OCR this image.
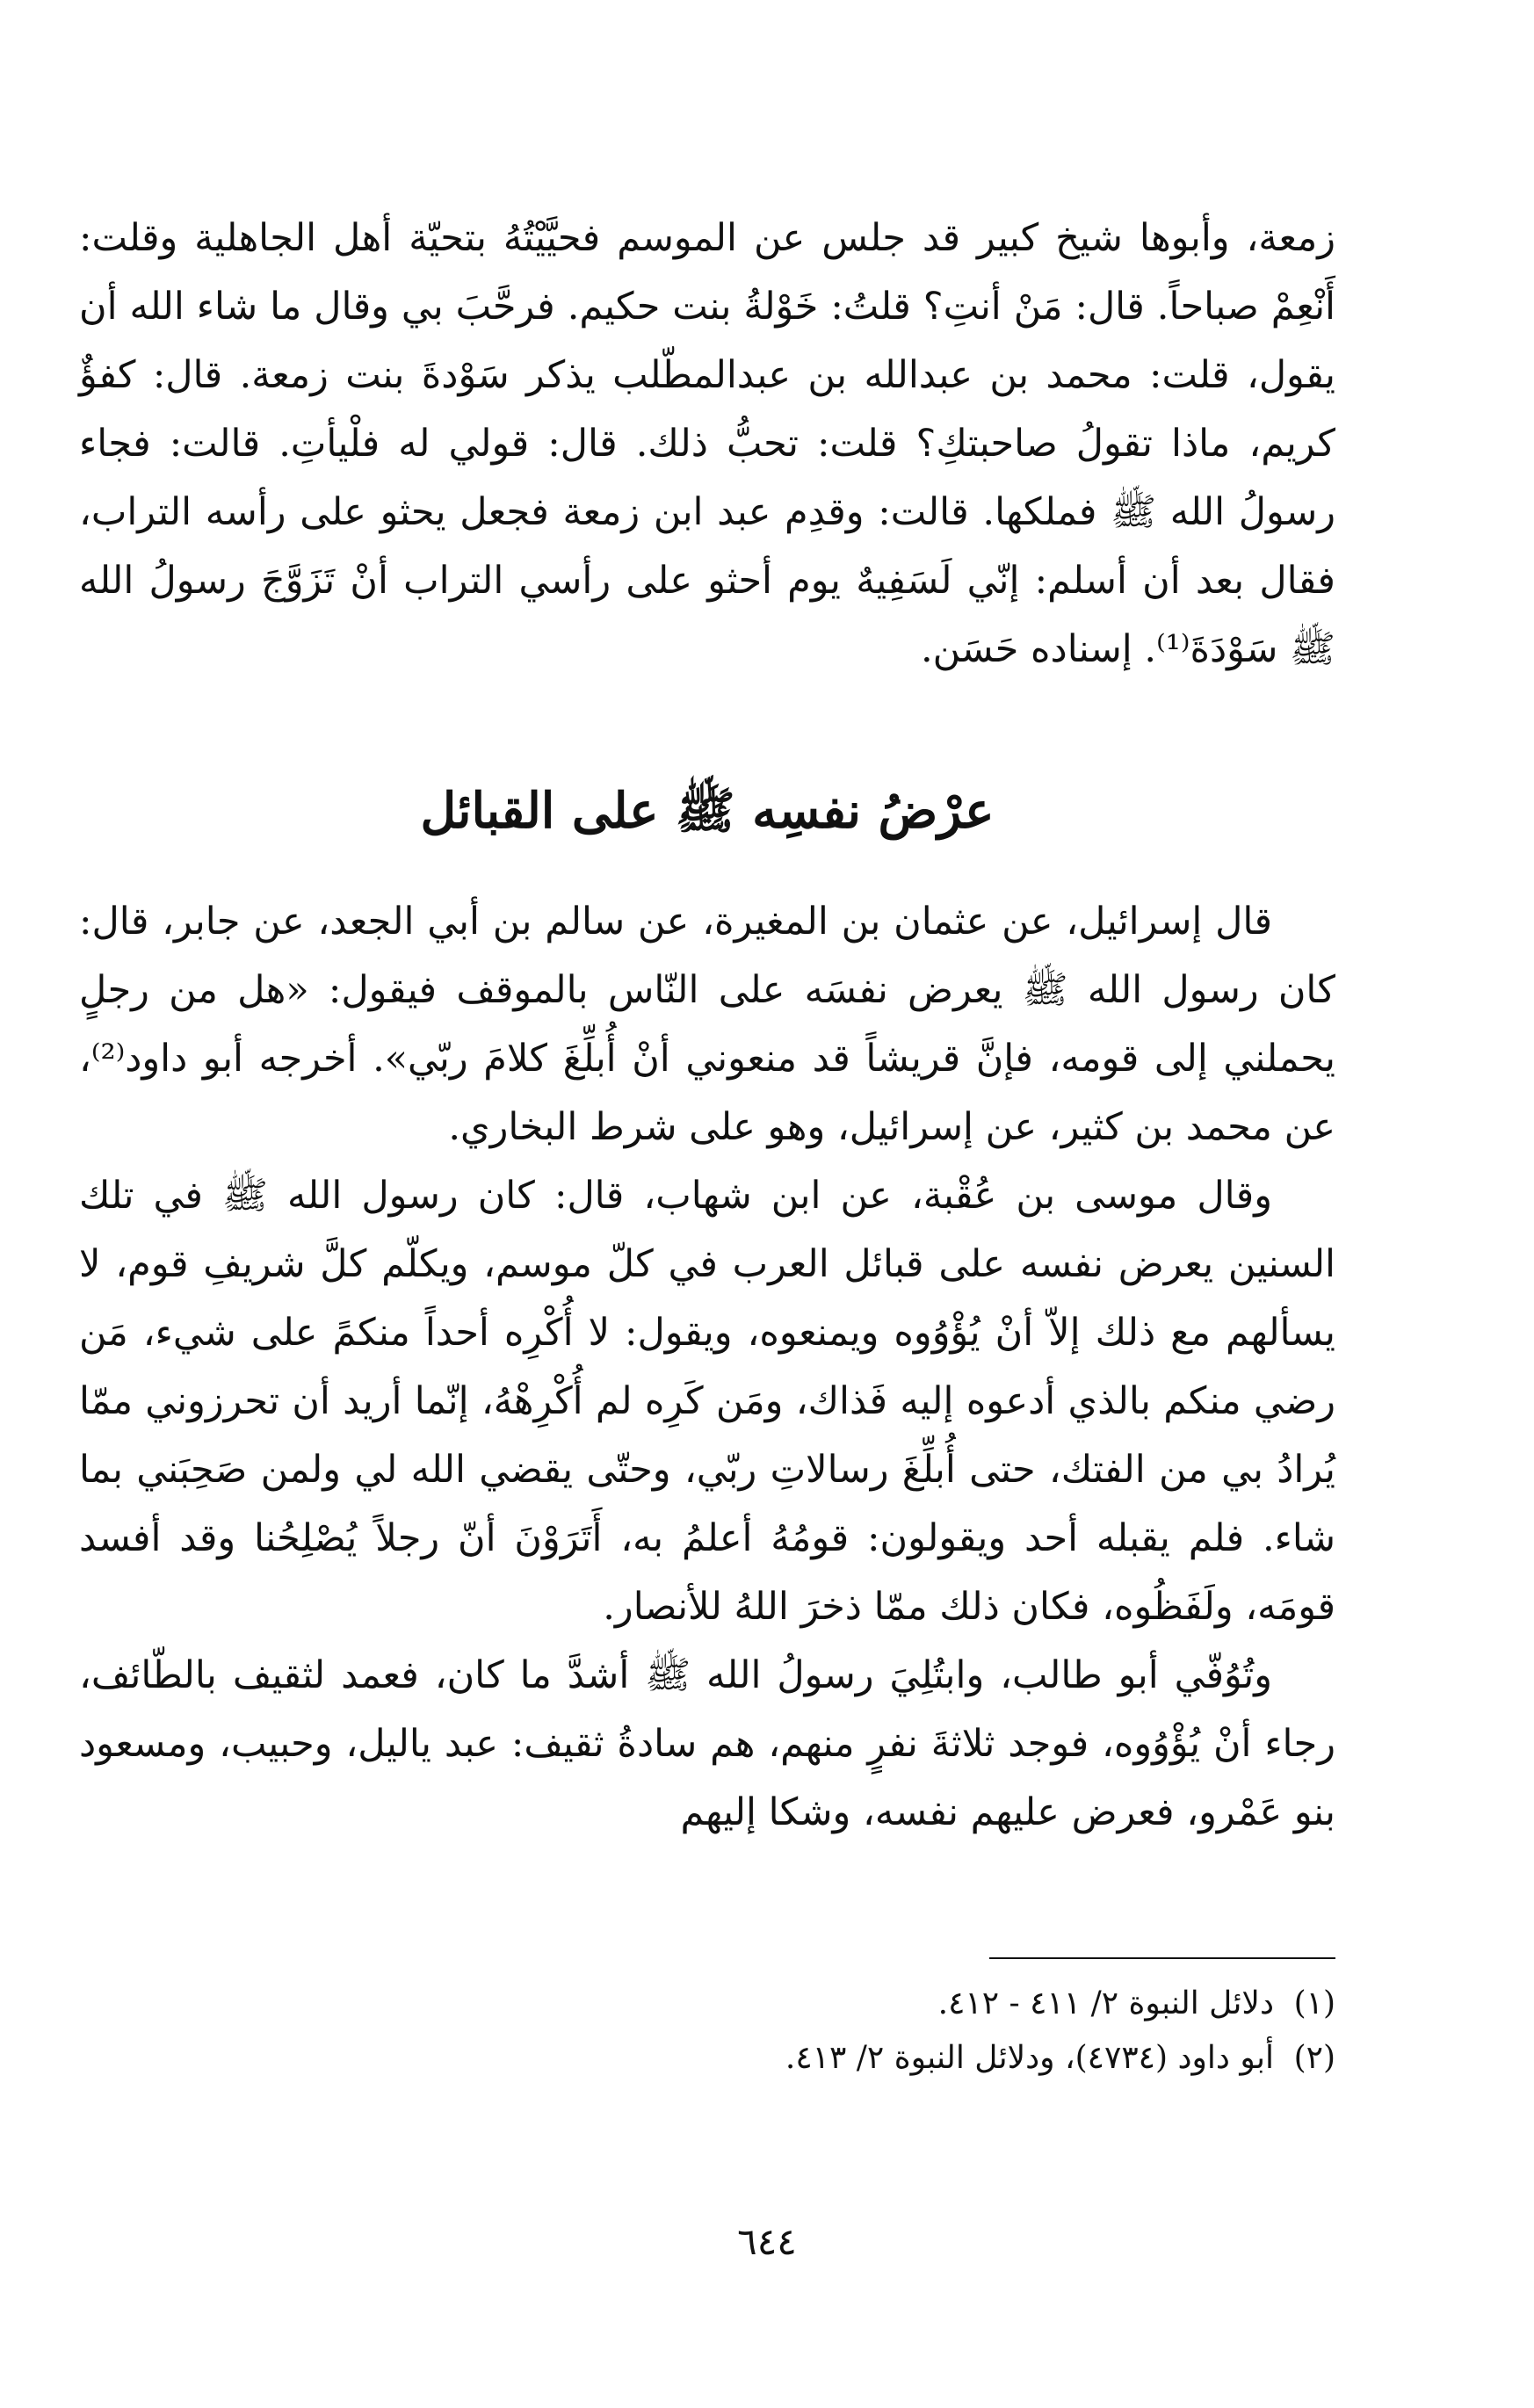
زمعة، وأبوها شيخ كبير قد جلس عن الموسم فحيَّيْتُهُ بتحيّة أهل الجاهلية وقلت: أَنْعِمْ صباحاً. قال: مَنْ أنتِ؟ قلتُ: خَوْلةُ بنت حكيم. فرحَّبَ بي وقال ما شاء الله أن يقول، قلت: محمد بن عبدالله بن عبدالمطّلب يذكر سَوْدةَ بنت زمعة. قال: كفؤٌ كريم، ماذا تقولُ صاحبتكِ؟ قلت: تحبُّ ذلك. قال: قولي له فلْيأتِ. قالت: فجاء رسولُ الله ﷺ فملكها. قالت: وقدِم عبد ابن زمعة فجعل يحثو على رأسه التراب، فقال بعد أن أسلم: إنّي لَسَفِيهٌ يوم أحثو على رأسي التراب أنْ تَزَوَّجَ رسولُ الله ﷺ سَوْدَةَ⁽¹⁾. إسناده حَسَن.

عرْضُ نفسِه ﷺ على القبائل

قال إسرائيل، عن عثمان بن المغيرة، عن سالم بن أبي الجعد، عن جابر، قال: كان رسول الله ﷺ يعرض نفسَه على النّاس بالموقف فيقول: «هل من رجلٍ يحملني إلى قومه، فإنَّ قريشاً قد منعوني أنْ أُبلِّغَ كلامَ ربّي». أخرجه أبو داود⁽²⁾، عن محمد بن كثير، عن إسرائيل، وهو على شرط البخاري.

وقال موسى بن عُقْبة، عن ابن شهاب، قال: كان رسول الله ﷺ في تلك السنين يعرض نفسه على قبائل العرب في كلّ موسم، ويكلّم كلَّ شريفِ قوم، لا يسألهم مع ذلك إلاّ أنْ يُؤْوُوه ويمنعوه، ويقول: لا أُكْرِه أحداً منكمً على شيء، مَن رضي منكم بالذي أدعوه إليه فَذاك، ومَن كَرِه لم أُكْرِهْهُ، إنّما أريد أن تحرزوني ممّا يُرادُ بي من الفتك، حتى أُبلِّغَ رسالاتِ ربّي، وحتّى يقضي الله لي ولمن صَحِبَني بما شاء. فلم يقبله أحد ويقولون: قومُهُ أعلمُ به، أَتَرَوْنَ أنّ رجلاً يُصْلِحُنا وقد أفسد قومَه، ولَفَظُوه، فكان ذلك ممّا ذخرَ اللهُ للأنصار.

وتُوُفّي أبو طالب، وابتُلِيَ رسولُ الله ﷺ أشدَّ ما كان، فعمد لثقيف بالطّائف، رجاء أنْ يُؤْوُوه، فوجد ثلاثةَ نفرٍ منهم، هم سادةُ ثقيف: عبد ياليل، وحبيب، ومسعود بنو عَمْرو، فعرض عليهم نفسه، وشكا إليهم

(١)
دلائل النبوة ٢/ ٤١١ - ٤١٢.

(٢)
أبو داود (٤٧٣٤)، ودلائل النبوة ٢/ ٤١٣.

٦٤٤
